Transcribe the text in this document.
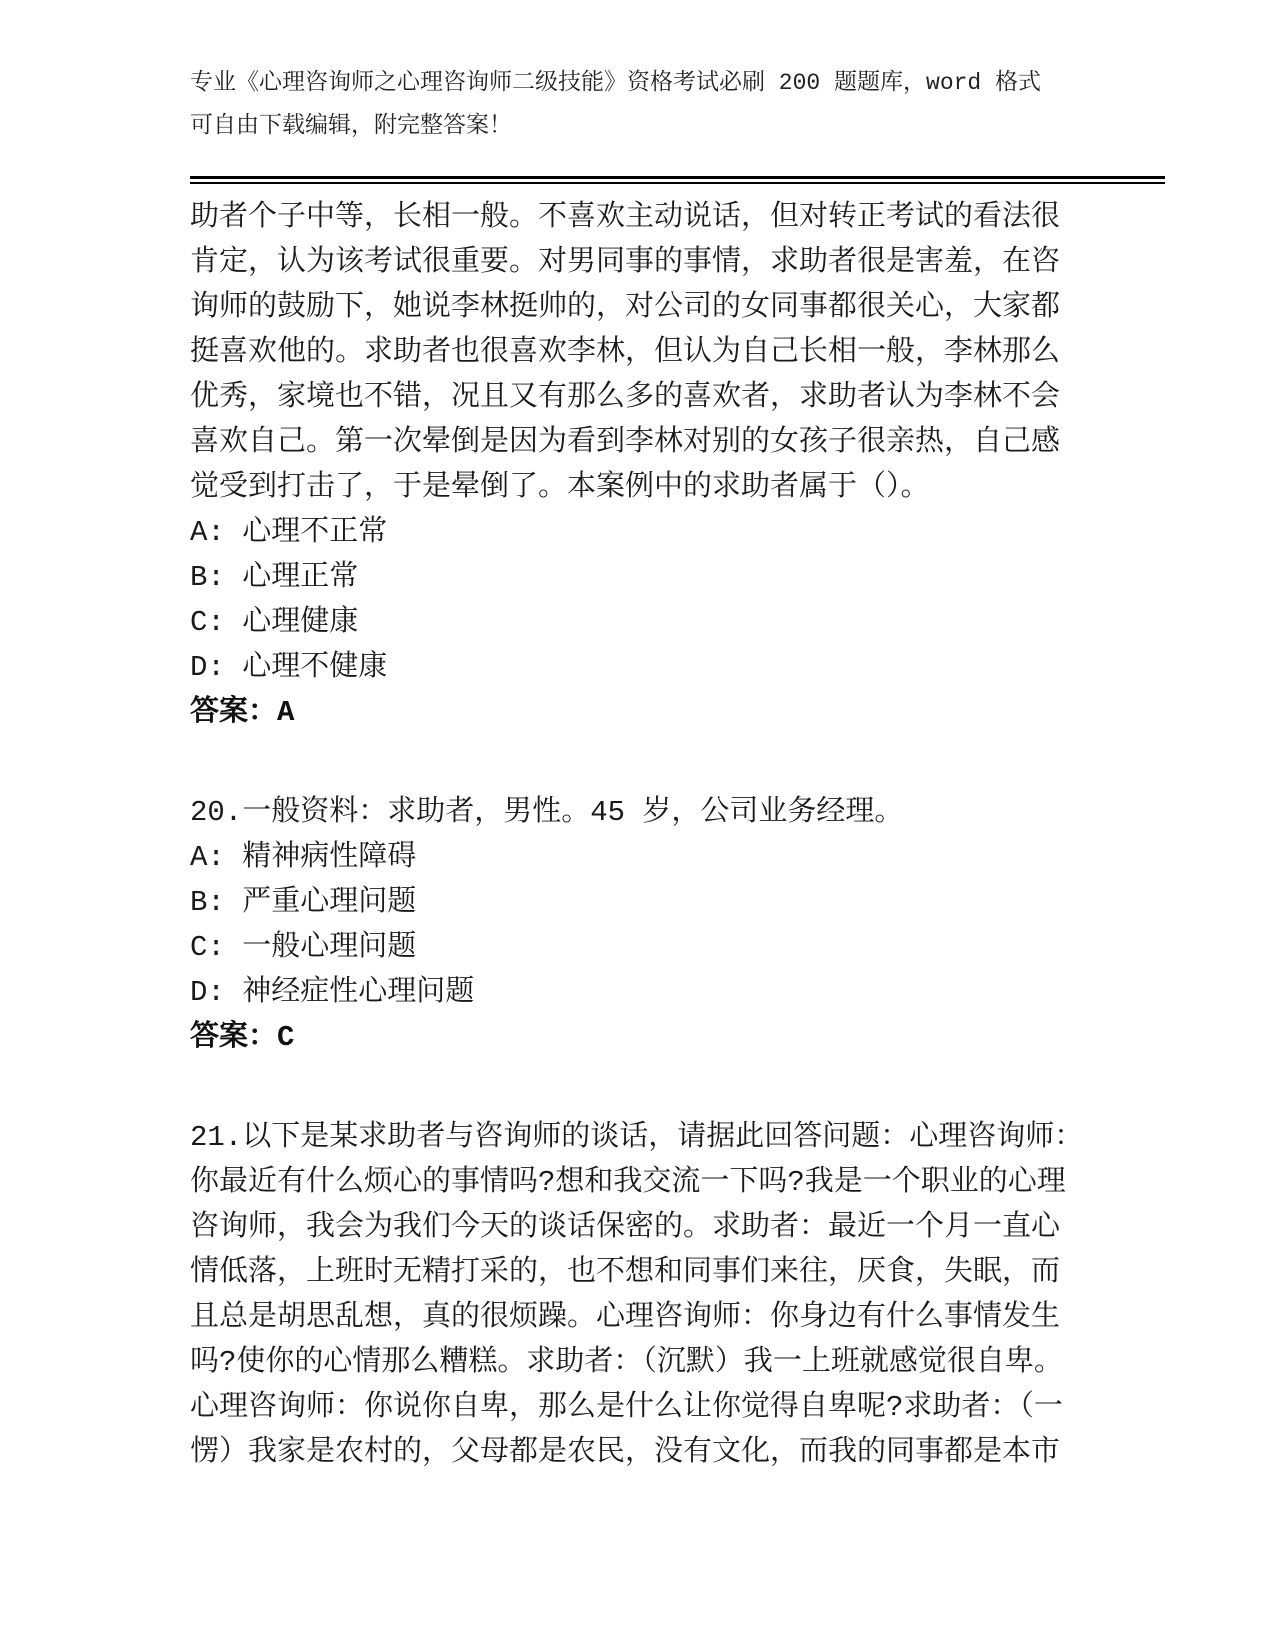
专业《心理咨询师之心理咨询师二级技能》资格考试必刷 200 题题库，word 格式
可自由下载编辑，附完整答案！
助者个子中等，长相一般。不喜欢主动说话，但对转正考试的看法很
肯定，认为该考试很重要。对男同事的事情，求助者很是害羞，在咨
询师的鼓励下，她说李林挺帅的，对公司的女同事都很关心，大家都
挺喜欢他的。求助者也很喜欢李林，但认为自己长相一般，李林那么
优秀，家境也不错，况且又有那么多的喜欢者，求助者认为李林不会
喜欢自己。第一次晕倒是因为看到李林对别的女孩子很亲热，自己感
觉受到打击了，于是晕倒了。本案例中的求助者属于（）。
A: 心理不正常
B: 心理正常
C: 心理健康
D: 心理不健康
答案：A
20.一般资料：求助者，男性。45 岁，公司业务经理。
A: 精神病性障碍
B: 严重心理问题
C: 一般心理问题
D: 神经症性心理问题
答案：C
21.以下是某求助者与咨询师的谈话，请据此回答问题：心理咨询师：
你最近有什么烦心的事情吗?想和我交流一下吗?我是一个职业的心理
咨询师，我会为我们今天的谈话保密的。求助者：最近一个月一直心
情低落，上班时无精打采的，也不想和同事们来往，厌食，失眠，而
且总是胡思乱想，真的很烦躁。心理咨询师：你身边有什么事情发生
吗?使你的心情那么糟糕。求助者：（沉默）我一上班就感觉很自卑。
心理咨询师：你说你自卑，那么是什么让你觉得自卑呢?求助者：（一
愣）我家是农村的，父母都是农民，没有文化，而我的同事都是本市
